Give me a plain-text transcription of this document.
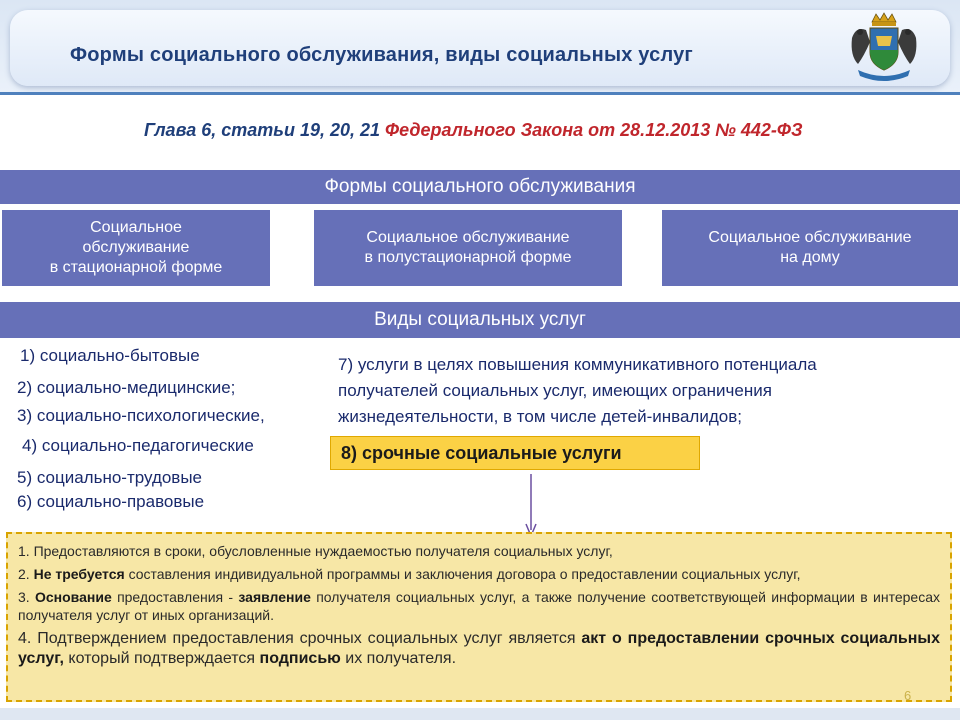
Формы социального обслуживания, виды социальных услуг
Глава 6, статьи 19, 20, 21 Федерального Закона от 28.12.2013 № 442-ФЗ
Формы социального обслуживания
Социальное
обслуживание
в стационарной форме
Социальное обслуживание
в полустационарной форме
Социальное обслуживание
на дому
Виды социальных услуг
1) социально-бытовые
2) социально-медицинские;
3) социально-психологические,
4) социально-педагогические
5) социально-трудовые
6) социально-правовые
7) услуги в целях повышения коммуникативного потенциала
получателей социальных услуг, имеющих ограничения
жизнедеятельности, в том числе детей-инвалидов;
8) срочные социальные услуги

1. Предоставляются в сроки, обусловленные нуждаемостью получателя социальных услуг,

2. Не требуется составления индивидуальной программы и заключения договора о предоставлении социальных услуг,

3. Основание предоставления - заявление получателя социальных услуг, а также получение соответствующей информации в интересах получателя услуг от иных организаций.

4. Подтверждением предоставления срочных социальных услуг является акт о предоставлении срочных социальных услуг, который подтверждается подписью их получателя.

6
